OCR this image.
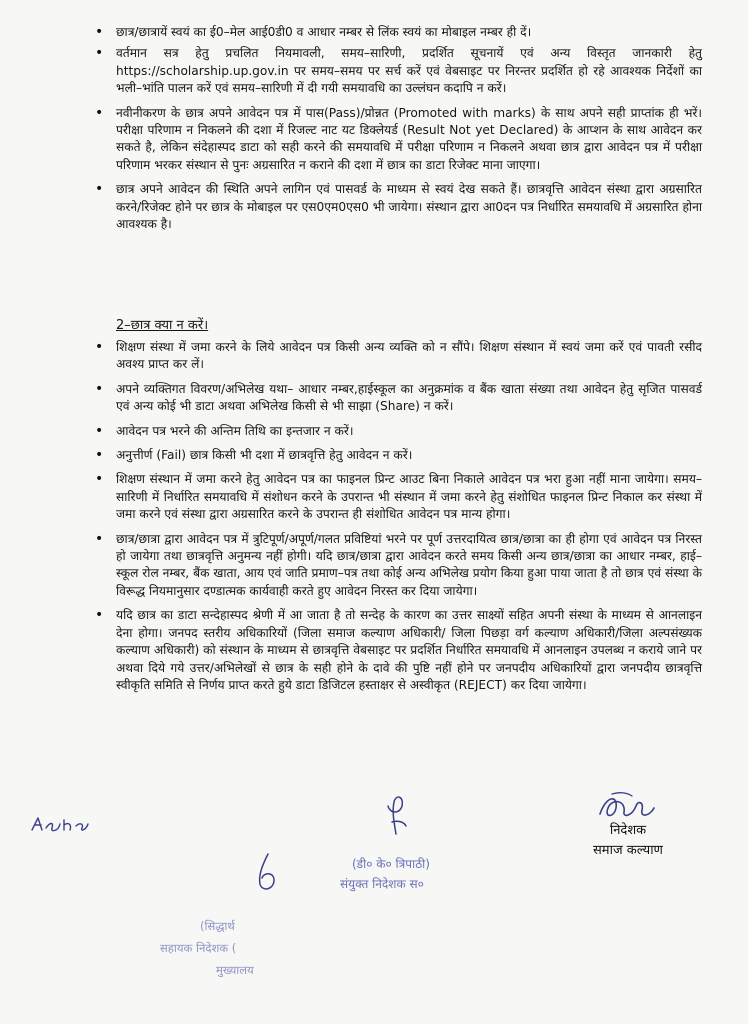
• छात्र/छात्रायें स्वयं का ई0–मेल आई0डी0 व आधार नम्बर से लिंक स्वयं का मोबाइल नम्बर ही दें।
• वर्तमान सत्र हेतु प्रचलित नियमावली, समय–सारिणी, प्रदर्शित सूचनायें एवं अन्य विस्तृत जानकारी हेतु https://scholarship.up.gov.in पर समय–समय पर सर्च करें एवं वेबसाइट पर निरन्तर प्रदर्शित हो रहे आवश्यक निर्देशों का भली–भांति पालन करें एवं समय–सारिणी में दी गयी समयावधि का उल्लंघन कदापि न करें।
• नवीनीकरण के छात्र अपने आवेदन पत्र में पास(Pass)/प्रोन्नत (Promoted with marks) के साथ अपने सही प्राप्तांक ही भरें। परीक्षा परिणाम न निकलने की दशा में रिजल्ट नाट यट डिक्लेयर्ड (Result Not yet Declared) के आप्शन के साथ आवेदन कर सकते है, लेकिन संदेहास्पद डाटा को सही करने की समयावधि में परीक्षा परिणाम न निकलने अथवा छात्र द्वारा आवेदन पत्र में परीक्षा परिणाम भरकर संस्थान से पुनः अग्रसारित न कराने की दशा में छात्र का डाटा रिजेक्ट माना जाएगा।
• छात्र अपने आवेदन की स्थिति अपने लागिन एवं पासवर्ड के माध्यम से स्वयं देख सकते हैं। छात्रवृत्ति आवेदन संस्था द्वारा अग्रसारित करने/रिजेक्ट होने पर छात्र के मोबाइल पर एस0एम0एस0 भी जायेगा। संस्थान द्वारा आ0दन पत्र निर्धारित समयावधि में अग्रसारित होना आवश्यक है।
2–छात्र क्या न करें।
• शिक्षण संस्था में जमा करने के लिये आवेदन पत्र किसी अन्य व्यक्ति को न सौंपे। शिक्षण संस्थान में स्वयं जमा करें एवं पावती रसीद अवश्य प्राप्त कर लें।
• अपने व्यक्तिगत विवरण/अभिलेख यथा– आधार नम्बर,हाईस्कूल का अनुक्रमांक व बैंक खाता संख्या तथा आवेदन हेतु सृजित पासवर्ड एवं अन्य कोई भी डाटा अथवा अभिलेख किसी से भी साझा (Share) न करें।
• आवेदन पत्र भरने की अन्तिम तिथि का इन्तजार न करें।
• अनुत्तीर्ण (Fail) छात्र किसी भी दशा में छात्रवृत्ति हेतु आवेदन न करें।
• शिक्षण संस्थान में जमा करने हेतु आवेदन पत्र का फाइनल प्रिन्ट आउट बिना निकाले आवेदन पत्र भरा हुआ नहीं माना जायेगा। समय–सारिणी में निर्धारित समयावधि में संशोधन करने के उपरान्त भी संस्थान में जमा करने हेतु संशोधित फाइनल प्रिन्ट निकाल कर संस्था में जमा करने एवं संस्था द्वारा अग्रसारित करने के उपरान्त ही संशोधित आवेदन पत्र मान्य होगा।
• छात्र/छात्रा द्वारा आवेदन पत्र में त्रुटिपूर्ण/अपूर्ण/गलत प्रविष्टियां भरने पर पूर्ण उत्तरदायित्व छात्र/छात्रा का ही होगा एवं आवेदन पत्र निरस्त हो जायेगा तथा छात्रवृत्ति अनुमन्य नहीं होगी। यदि छात्र/छात्रा द्वारा आवेदन करते समय किसी अन्य छात्र/छात्रा का आधार नम्बर, हाई–स्कूल रोल नम्बर, बैंक खाता, आय एवं जाति प्रमाण–पत्र तथा कोई अन्य अभिलेख प्रयोग किया हुआ पाया जाता है तो छात्र एवं संस्था के विरूद्ध नियमानुसार दण्डात्मक कार्यवाही करते हुए आवेदन निरस्त कर दिया जायेगा।
• यदि छात्र का डाटा सन्देहास्पद श्रेणी में आ जाता है तो सन्देह के कारण का उत्तर साक्ष्यों सहित अपनी संस्था के माध्यम से आनलाइन देना होगा। जनपद स्तरीय अधिकारियों (जिला समाज कल्याण अधिकारी/ जिला पिछड़ा वर्ग कल्याण अधिकारी/जिला अल्पसंख्यक कल्याण अधिकारी) को संस्थान के माध्यम से छात्रवृत्ति वेबसाइट पर प्रदर्शित निर्धारित समयावधि में आनलाइन उपलब्ध न कराये जाने पर अथवा दिये गये उत्तर/अभिलेखों से छात्र के सही होने के दावे की पुष्टि नहीं होने पर जनपदीय अधिकारियों द्वारा जनपदीय छात्रवृत्ति स्वीकृति समिति से निर्णय प्राप्त करते हुये डाटा डिजिटल हस्ताक्षर से अस्वीकृत (REJECT) कर दिया जायेगा।
निदेशक
समाज कल्याण
(डी० के० त्रिपाठी)
संयुक्त निदेशक स०
(सिद्धार्थ
सहायक निदेशक (
मुख्यालय
